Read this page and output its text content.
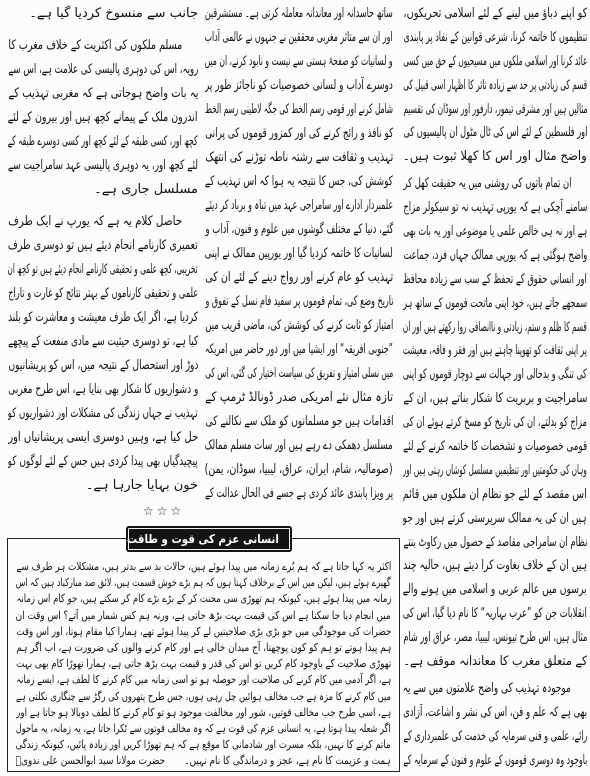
کو اپنے دباؤ میں لینے کے لئے اسلامی تحریکوں،
تنظیموں کا خاتمہ کرنا، شرعی قوانین کے نفاذ پر پابندی
عائد کرنا اور اسلامی ملکوں میں مسیحیوں کے حق میں کسی
قسم کی زیادتی پر حد سے زیادہ تاثر کا اظہار اسی قبیل کی
مثالیں ہیں اور مشرقی تیمور، دارفور اور سوڈان کی تقسیم
اور فلسطین کے لئے اس کی ٹال مٹول ان پالیسیوں کی
واضح مثال اور اس کا کھلا ثبوت ہیں۔
ان تمام باتوں کی روشنی میں یہ حقیقت کھل کر
سامنے آچکی ہے کہ یورپی تہذیب نہ تو سیکولر مزاج
ہے اور نہ ہی خالص علمی یا موضوعی اور یہ بات بھی
واضح ہوگئی ہے کہ یورپی ممالک جہاں فرد، جماعت
اور انسانی حقوق کے تحفظ کے سب سے زیادہ محافظ
سمجھے جاتے ہیں، خود اپنی ماتحت قوموں کے ساتھ ہر
قسم کا ظلم و ستم، زیادتی و ناانصافی روا رکھتے ہیں اور ان
پر اپنی ثقافت کو تھوپنا چاہتے ہیں اور فقر و فاقہ، معیشت
کی تنگی و بدحالی اور جہالت سے دوچار قوموں کو اپنی
سامراجیت و بربریت کا شکار بناتے ہیں، ان کے
مزاج کو بدلتے، ان کی تاریخ کو مسخ کرتے ہوئے ان کی
قومی خصوصیات و تشخصات کا خاتمہ کرنے کے لئے
وہاں کی حکومتیں اور تنظیمیں مسلسل کوشاں رہتی ہیں اور
اس مقصد کے لئے جو نظام ان ملکوں میں قائم
ہیں ان کی یہ ممالک سرپرستی کرتے ہیں اور جو
نظام ان سامراجی مقاصد کے حصول میں رکاوٹ بنتے
ہیں ان کے خلاف بغاوت کرا دیتے ہیں، حالیہ چند
برسوں میں عالم عربی و اسلامی میں ہونے والے
انقلابات جن کو ”عرب بہاریہ“ کا نام دیا گیا، اس کی
مثال ہیں، اس طرح تیونس، لیبیا، مصر، عراق اور شام
کے متعلق مغرب کا معاندانہ موقف ہے۔
موجودہ تہذیب کی واضح علامتوں میں سے یہ
بھی ہے کہ علم و فن، اس کی نشر و اشاعت، آزادی
رائے، علمی و فنی سرمایہ کی خدمت کی علمبرداری کے
باوجود وہ دوسری قوموں کے علوم و فنون کے سرمایہ کے
ساتھ حاسدانہ اور معاندانہ معاملہ کرتی ہے۔ مستشرقین
اور ان سے متاثر مغربی محققین نے جنہوں نے عالمی آداب
و لسانیات کو صفحۂ ہستی سے نیست و نابود کرنے، ان میں
دوسرے آداب و لسانی خصوصیات کو ناجائز طور پر
شامل کرنے اور قومی رسم الخط کی جگہ لاطینی رسم الخط
کو نافذ و رائج کرنے کی اور کمزور قوموں کی پرانی
تہذیب و ثقافت سے رشتہ ناطہ توڑنے کی انتھک
کوشش کی، جس کا نتیجہ یہ ہوا کہ اس تہذیب کے
علمبردار ادارے اور سامراجی عہد میں تباہ و برباد کر دیئے
گئے، دنیا کے مختلف گوشوں میں علوم و فنون، آداب و
لسانیات کا خاتمہ کردیا گیا اور یورپین ممالک نے اپنی
تہذیب کو عام کرنے اور رواج دینے کے لئے ان کی
تاریخ وضع کی، تمام قوموں پر سفید فام نسل کے تفوق و
امتیاز کو ثابت کرنے کی کوشش کی، ماضی قریب میں
”جنوبی افریقہ“ اور ایشیا میں اور دور حاضر میں امریکہ
میں نسلی امتیاز و تفریق کی سیاست اختیار کی گئی، اس کی
تازہ مثال نئے امریکی صدر ڈونالڈ ٹرمپ کے
اقدامات ہیں جو مسلمانوں کو ملک سے نکالنے کی
مسلسل دھمکی دے رہے ہیں اور سات مسلم ممالک
(صومالیہ، شام، ایران، عراق، لیبیا، سوڈان، یمن)
پر ویزا پابندی عائد کردی ہے جسے فی الحال عدالت کے
جانب سے منسوخ کردیا گیا ہے۔
مسلم ملکوں کی اکثریت کے خلاف مغرب کا
رویہ، اس کی دوہری پالیسی کی علامت ہے، اس سے
یہ بات واضح ہوجاتی ہے کہ مغربی تہذیب کے
اندرون ملک کے پیمانے کچھ ہیں اور بیرون کے لئے
کچھ اور، کسی طبقہ کے لئے کچھ اور کسی دوسرے طبقہ کے
لئے کچھ اور، یہ دوہری پالیسی عہد سامراجیت سے
مسلسل جاری ہے۔
حاصل کلام یہ ہے کہ یورپ نے ایک طرف
تعمیری کارنامے انجام دیئے ہیں تو دوسری طرف
تخریبی، کچھ علمی و تحقیقی کارنامے انجام دیئے ہیں تو کچھ ان
علمی و تحقیقی کارناموں کے بہتر نتائج کو غارت و تاراج
کردیا ہے، اگر ایک طرف معیشت و معاشرت کو بلند
کیا ہے، تو دوسری حیثیت سے مادی منفعت کے پیچھے
دوڑ اور استحصال کے نتیجہ میں، اس کو پریشانیوں
و دشواریوں کا شکار بھی بنایا ہے، اس طرح مغربی
تہذیب نے جہاں زندگی کی مشکلات اور دشواریوں کو
حل کیا ہے، وہیں دوسری ایسی پریشانیاں اور
پیچیدگیاں بھی پیدا کردی ہیں جس کے لئے لوگوں کو
خون بہایا جارہا ہے۔
☆☆☆
اکثر یہ کہا جاتا ہے کہ ہم بُرے زمانہ میں پیدا ہوئے ہیں، حالات بد سے بدتر ہیں، مشکلات ہر طرف سے
گھیرے ہوئے ہیں، لیکن میں اس کے برخلاف کہتا ہوں کہ ہم بڑے خوش قسمت ہیں، لائق صد مبارکباد ہیں کہ اس
زمانہ میں پیدا ہوئے ہیں، کیونکہ ہم تھوڑی سی محنت کر کے بڑے بڑے کام کر سکتے ہیں، جو کام اس زمانہ
میں انجام دیا جا سکتا ہے اس کی قیمت بہت بڑھ جاتی ہے، ورنہ ہم کس شمار میں آتے؟ اس وقت ان
حضرات کی موجودگی میں جو بڑی بڑی صلاحیتیں لے کر پیدا ہوئے تھے، ہمارا کیا مقام ہوتا، اور اس وقت
ہم پیدا ہوتے تو ہم کو کون پوچھتا، آج میدان خالی ہے اور کام کرنے والوں کی ضرورت ہے، اب اگر ہم
تھوڑی صلاحیت کے باوجود کام کریں تو اس کی قدر و قیمت بہت بڑھ جاتی ہے، ہمارا تھوڑا کام بھی بہت
ہے، اگر آدمی میں کام کرنے کی صلاحیت اور حوصلہ ہو تو اسی زمانہ میں کام کرنے کا لطف ہے، ایسے زمانہ
میں کام کرنے کا مزہ ہے جب مخالف ہوائیں چل رہی ہوں، جس طرح پتھروں کی رگڑ سے چنگاری نکلتی ہے
ہے، اسی طرح جب مخالف قوتیں، شور اور مخالفت موجود ہو تو کام کرنے کا لطف دوبالا ہو جاتا ہے اور
اگر شعلہ پیدا ہوتا ہے، یہ انسانی عزم کی قوت ہے کہ وہ مخالف قوتوں سے ٹکرا جاتا ہے، یہ زمانہ، یہ ماحول
ماتم کرنے کا نہیں، بلکہ مسرت اور شادمانی کا موقع ہے کہ ہم تھوڑا کریں اور زیادہ پائیں، کیونکہ زندگی
ہمت و عزیمت کا نام ہے، عجز و درماندگی کا نام نہیں۔
حضرت مولانا سید ابوالحسن علی ندویؒ
انسانی عزم کی قوت و طاقت
